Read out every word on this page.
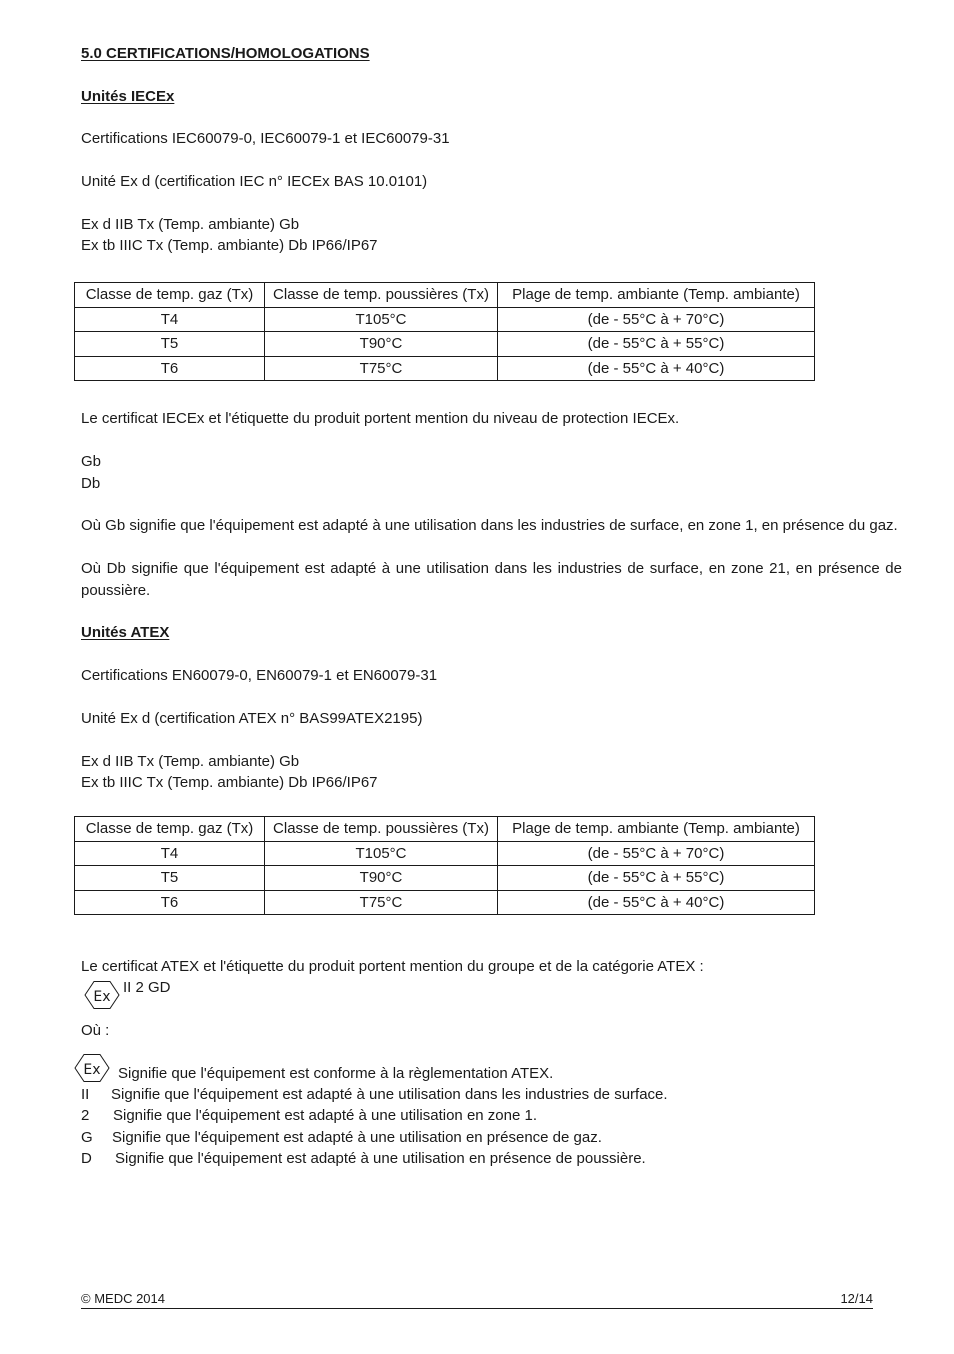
5.0 CERTIFICATIONS/HOMOLOGATIONS
Unités IECEx
Certifications IEC60079-0, IEC60079-1 et IEC60079-31
Unité Ex d (certification IEC n° IECEx BAS 10.0101)
Ex d IIB Tx (Temp. ambiante) Gb
Ex tb IIIC Tx (Temp. ambiante) Db IP66/IP67
Classe de temp. gaz (Tx)	Classe de temp. poussières (Tx)	Plage de temp. ambiante (Temp. ambiante)
T4	T105°C	(de - 55°C à + 70°C)
T5	T90°C	(de - 55°C à + 55°C)
T6	T75°C	(de - 55°C à + 40°C)
Le certificat IECEx et l'étiquette du produit portent mention du niveau de protection IECEx.
Gb
Db
Où Gb signifie que l'équipement est adapté à une utilisation dans les industries de surface, en zone 1, en présence du gaz.
Où Db signifie que l'équipement est adapté à une utilisation dans les industries de surface, en zone 21, en présence de poussière.
Unités ATEX
Certifications EN60079-0, EN60079-1 et EN60079-31
Unité Ex d (certification ATEX n° BAS99ATEX2195)
Ex d IIB Tx (Temp. ambiante) Gb
Ex tb IIIC Tx (Temp. ambiante) Db IP66/IP67
Classe de temp. gaz (Tx)	Classe de temp. poussières (Tx)	Plage de temp. ambiante (Temp. ambiante)
T4	T105°C	(de - 55°C à + 70°C)
T5	T90°C	(de - 55°C à + 55°C)
T6	T75°C	(de - 55°C à + 40°C)
Le certificat ATEX et l'étiquette du produit portent mention du groupe et de la catégorie ATEX :
Ex
II 2 GD
Où :
Ex Signifie que l'équipement est conforme à la règlementation ATEX.
II Signifie que l'équipement est adapté à une utilisation dans les industries de surface.
2 Signifie que l'équipement est adapté à une utilisation en zone 1.
G Signifie que l'équipement est adapté à une utilisation en présence de gaz.
D Signifie que l'équipement est adapté à une utilisation en présence de poussière.
© MEDC 2014	12/14
